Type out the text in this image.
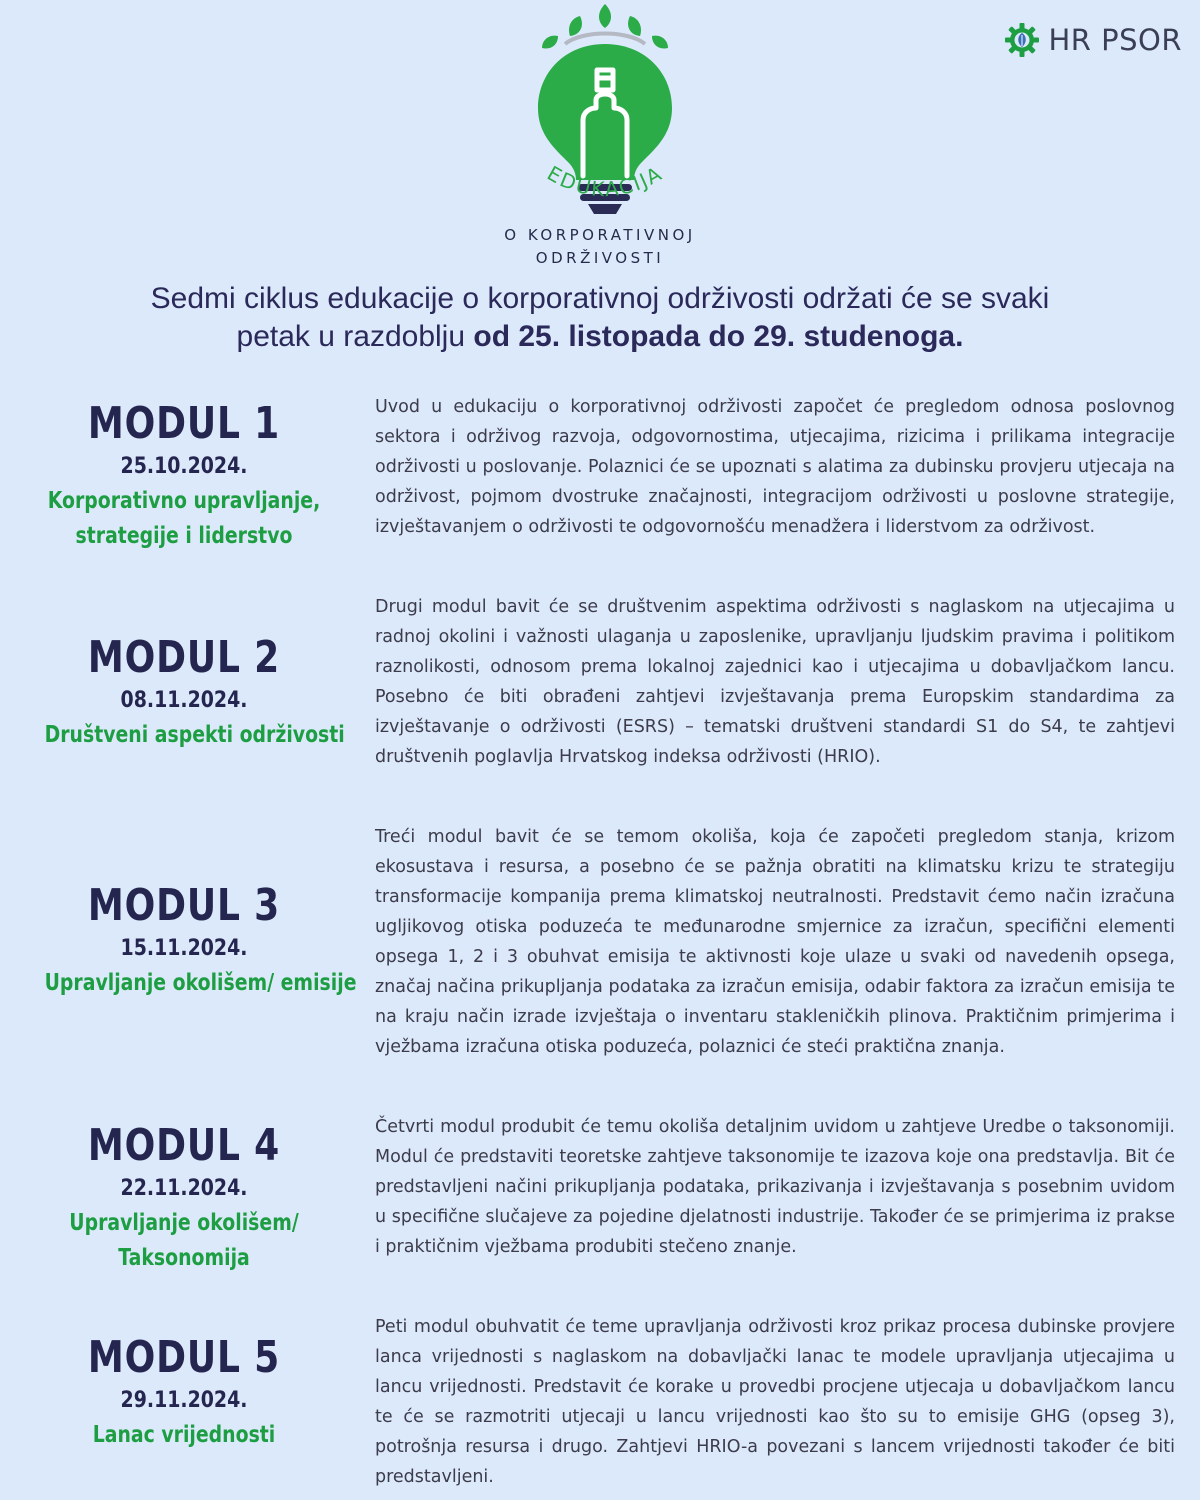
HR PSOR
EDUKACIJA
O KORPORATIVNOJ
ODRŽIVOSTI
Sedmi ciklus edukacije o korporativnoj održivosti održati će se svaki
petak u razdoblju od 25. listopada do 29. studenoga.
MODUL 1
25.10.2024.
Korporativno upravljanje,
strategije i liderstvo

Uvod u edukaciju o korporativnoj održivosti započet će pregledom odnosa poslovnog sektora i održivog razvoja, odgovornostima, utjecajima, rizicima i prilikama integracije održivosti u poslovanje. Polaznici će se upoznati s alatima za dubinsku provjeru utjecaja na održivost, pojmom dvostruke značajnosti, integracijom održivosti u poslovne strategije, izvještavanjem o održivosti te odgovornošću menadžera i liderstvom za održivost.

MODUL 2
08.11.2024.
Društveni aspekti održivosti

Drugi modul bavit će se društvenim aspektima održivosti s naglaskom na utjecajima u radnoj okolini i važnosti ulaganja u zaposlenike, upravljanju ljudskim pravima i politikom raznolikosti, odnosom prema lokalnoj zajednici kao i utjecajima u dobavljačkom lancu. Posebno će biti obrađeni zahtjevi izvještavanja prema Europskim standardima za izvještavanje o održivosti (ESRS) – tematski društveni standardi S1 do S4, te zahtjevi društvenih poglavlja Hrvatskog indeksa održivosti (HRIO).

MODUL 3
15.11.2024.
Upravljanje okolišem/ emisije

Treći modul bavit će se temom okoliša, koja će započeti pregledom stanja, krizom ekosustava i resursa, a posebno će se pažnja obratiti na klimatsku krizu te strategiju transformacije kompanija prema klimatskoj neutralnosti. Predstavit ćemo način izračuna ugljikovog otiska poduzeća te međunarodne smjernice za izračun, specifični elementi opsega 1, 2 i 3 obuhvat emisija te aktivnosti koje ulaze u svaki od navedenih opsega, značaj načina prikupljanja podataka za izračun emisija, odabir faktora za izračun emisija te na kraju način izrade izvještaja o inventaru stakleničkih plinova. Praktičnim primjerima i vježbama izračuna otiska poduzeća, polaznici će steći praktična znanja.

MODUL 4
22.11.2024.
Upravljanje okolišem/
Taksonomija

Četvrti modul produbit će temu okoliša detaljnim uvidom u zahtjeve Uredbe o taksonomiji. Modul će predstaviti teoretske zahtjeve taksonomije te izazova koje ona predstavlja. Bit će predstavljeni načini prikupljanja podataka, prikazivanja i izvještavanja s posebnim uvidom u specifične slučajeve za pojedine djelatnosti industrije. Također će se primjerima iz prakse i praktičnim vježbama produbiti stečeno znanje.

MODUL 5
29.11.2024.
Lanac vrijednosti

Peti modul obuhvatit će teme upravljanja održivosti kroz prikaz procesa dubinske provjere lanca vrijednosti s naglaskom na dobavljački lanac te modele upravljanja utjecajima u lancu vrijednosti. Predstavit će korake u provedbi procjene utjecaja u dobavljačkom lancu te će se razmotriti utjecaji u lancu vrijednosti kao što su to emisije GHG (opseg 3), potrošnja resursa i drugo. Zahtjevi HRIO-a povezani s lancem vrijednosti također će biti predstavljeni.
